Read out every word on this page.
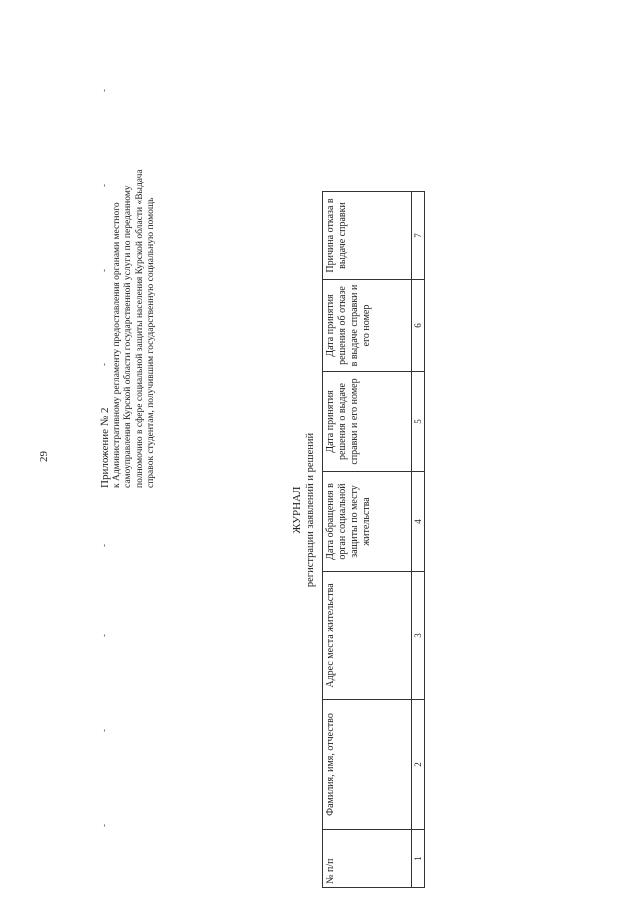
29	Приложение № 2 к Административному регламенту предоставления органами местного самоуправления Курской области государственной услуги по переданному полномочию в сфере социальной защиты населения Курской области «Выдача справок студентам, получившим государственную социальную помощь
ЖУРНАЛ регистрации заявлений и решений
№ п/п	Фамилия, имя, отчество	Адрес места жительства	Дата обращения в орган социальной защиты по месту жительства	Дата принятия решения о выдаче справки и его номер	Дата принятия решения об отказе в выдаче справки и его номер	Причина отказа в выдаче справки
1	2	3	4	5	6	7
ʼ
ʼ
ʼ
ʼ
ʼ
ʼ
ʼ
ʼ
